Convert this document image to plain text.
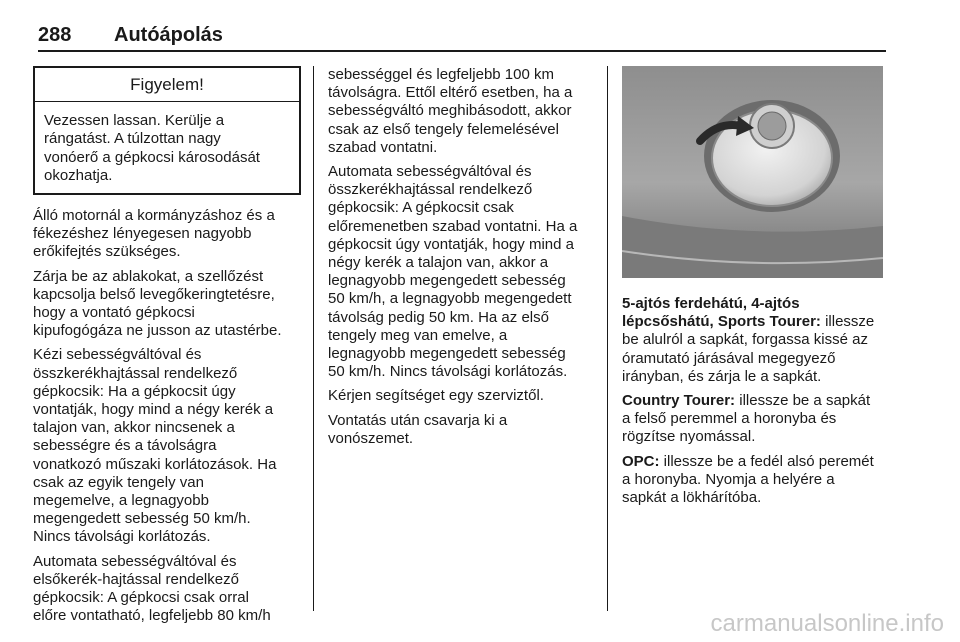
288 Autóápolás
Figyelem!
Vezessen lassan. Kerülje a
rángatást. A túlzottan nagy
vonóerő a gépkocsi károsodását
okozhatja.

Álló motornál a kormányzáshoz és a
fékezéshez lényegesen nagyobb
erőkifejtés szükséges.

Zárja be az ablakokat, a szellőzést
kapcsolja belső levegőkeringtetésre,
hogy a vontató gépkocsi
kipufogógáza ne jusson az utastérbe.

Kézi sebességváltóval és
összkerékhajtással rendelkező
gépkocsik: Ha a gépkocsit úgy
vontatják, hogy mind a négy kerék a
talajon van, akkor nincsenek a
sebességre és a távolságra
vonatkozó műszaki korlátozások. Ha
csak az egyik tengely van
megemelve, a legnagyobb
megengedett sebesség 50 km/h.
Nincs távolsági korlátozás.

Automata sebességváltóval és
elsőkerék-hajtással rendelkező
gépkocsik: A gépkocsi csak orral
előre vontatható, legfeljebb 80 km/h

sebességgel és legfeljebb 100 km
távolságra. Ettől eltérő esetben, ha a
sebességváltó meghibásodott, akkor
csak az első tengely felemelésével
szabad vontatni.

Automata sebességváltóval és
összkerékhajtással rendelkező
gépkocsik: A gépkocsit csak
előremenetben szabad vontatni. Ha a
gépkocsit úgy vontatják, hogy mind a
négy kerék a talajon van, akkor a
legnagyobb megengedett sebesség
50 km/h, a legnagyobb megengedett
távolság pedig 50 km. Ha az első
tengely meg van emelve, a
legnagyobb megengedett sebesség
50 km/h. Nincs távolsági korlátozás.

Kérjen segítséget egy szerviztől.

Vontatás után csavarja ki a
vonószemet.

5-ajtós ferdehátú, 4-ajtós
lépcsőshátú, Sports Tourer: illessze
be alulról a sapkát, forgassa kissé az
óramutató járásával megegyező
irányban, és zárja le a sapkát.

Country Tourer: illessze be a sapkát
a felső peremmel a horonyba és
rögzítse nyomással.

OPC: illessze be a fedél alsó peremét
a horonyba. Nyomja a helyére a
sapkát a lökhárítóba.

carmanualsonline.info
